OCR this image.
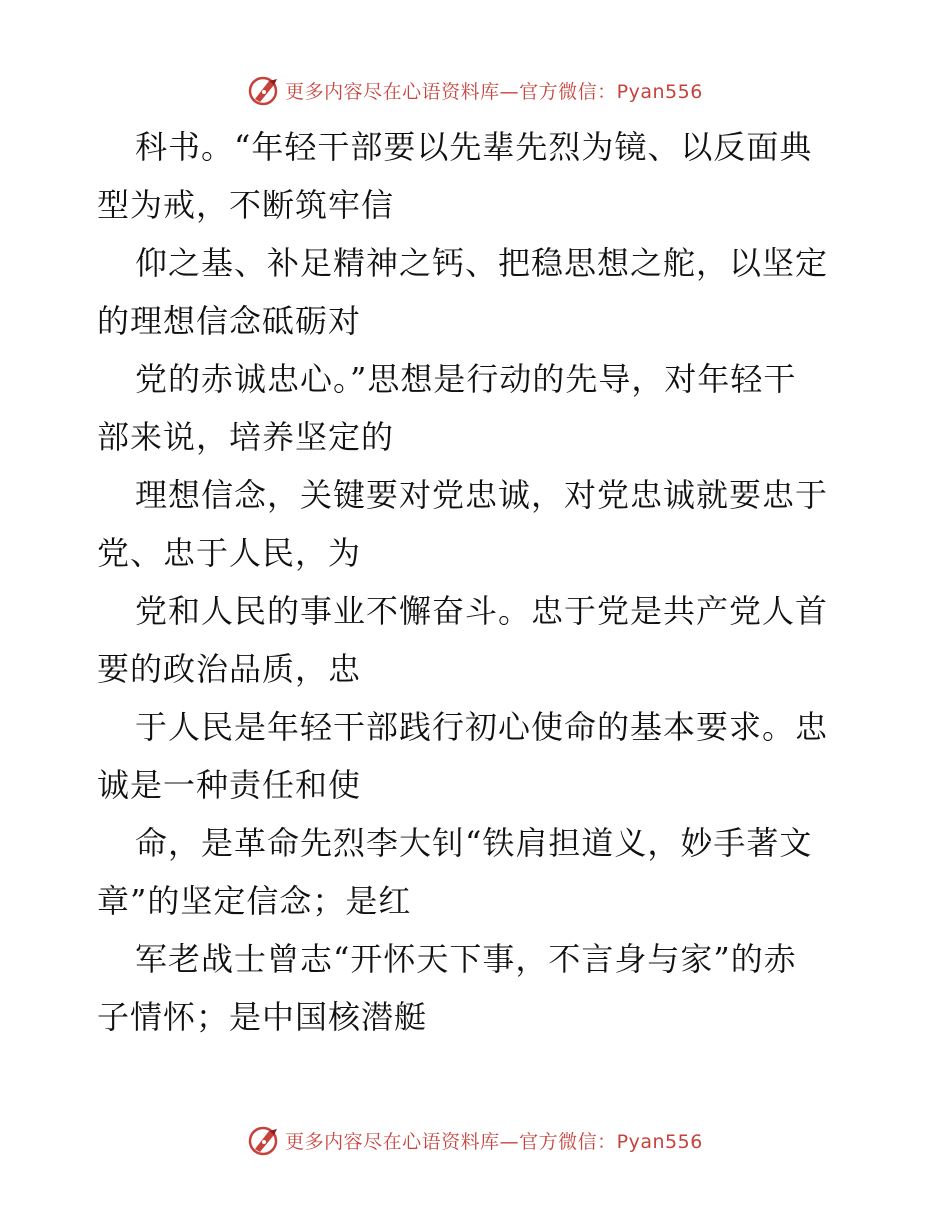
更多内容尽在心语资料库—官方微信：Pyan556
科书。“年轻干部要以先辈先烈为镜、以反面典
型为戒，不断筑牢信
仰之基、补足精神之钙、把稳思想之舵，以坚定
的理想信念砥砺对
党的赤诚忠心。”思想是行动的先导，对年轻干
部来说，培养坚定的
理想信念，关键要对党忠诚，对党忠诚就要忠于
党、忠于人民，为
党和人民的事业不懈奋斗。忠于党是共产党人首
要的政治品质，忠
于人民是年轻干部践行初心使命的基本要求。忠
诚是一种责任和使
命，是革命先烈李大钊“铁肩担道义，妙手著文
章”的坚定信念；是红
军老战士曾志“开怀天下事，不言身与家”的赤
子情怀；是中国核潜艇
更多内容尽在心语资料库—官方微信：Pyan556
